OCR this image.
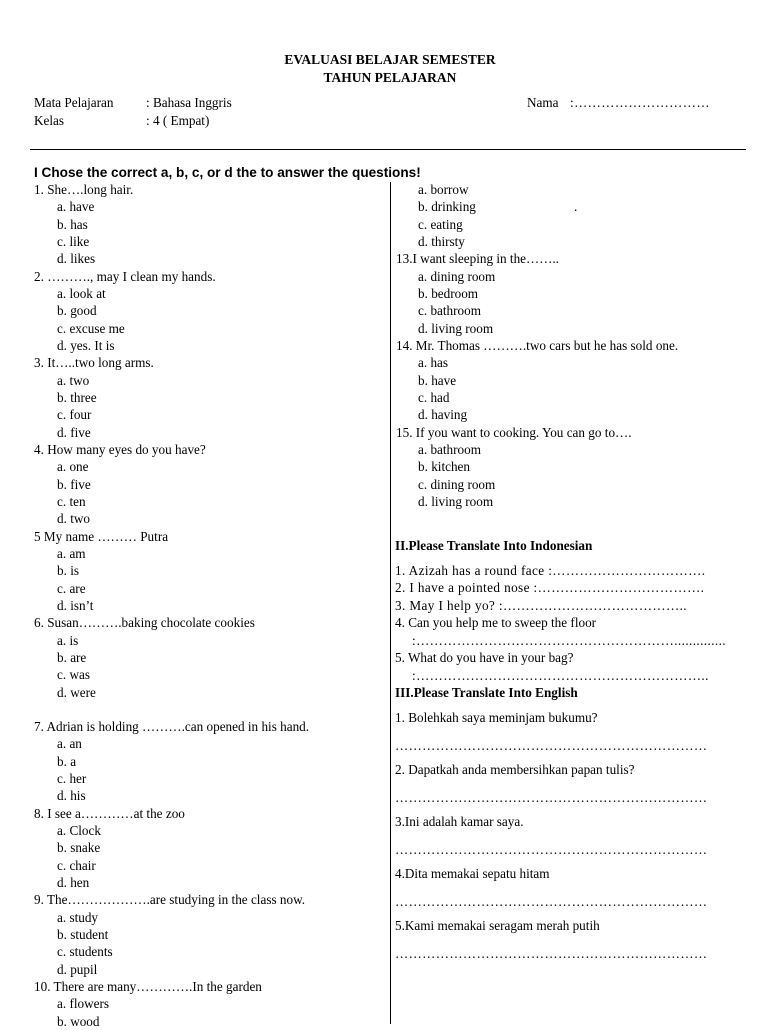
EVALUASI BELAJAR SEMESTER
TAHUN PELAJARAN
Mata Pelajaran : Bahasa Inggris
Kelas	: 4 ( Empat)
Nama :…………………………
I Chose the correct a, b, c, or d the to answer the questions!
1. She….long hair.
a. have
b. has
c. like
d. likes
2. ………., may I clean my hands.
a. look at
b. good
c. excuse me
d. yes. It is
3. It…..two long arms.
a. two
b. three
c. four
d. five
4. How many eyes do you have?
a. one
b. five
c. ten
d. two
5 My name ……… Putra
a. am
b. is
c. are
d. isn’t
6. Susan……….baking chocolate cookies
a. is
b. are
c. was
d. were
7. Adrian is holding ……….can opened in his hand.
a. an
b. a
c. her
d. his
8. I see a…………at the zoo
a. Clock
b. snake
c. chair
d. hen
9. The……………….are studying in the class now.
a. study
b. student
c. students
d. pupil
10. There are many………….In the garden
a. flowers
b. wood
a. borrow
b. drinking
c. eating
d. thirsty
13.I want sleeping in the……..
a. dining room
b. bedroom
c. bathroom
d. living room
14. Mr. Thomas ……….two cars but he has sold one.
a. has
b. have
c. had
d. having
15. If you want to cooking. You can go to….
a. bathroom
b. kitchen
c. dining room
d. living room
.
II.Please Translate Into Indonesian
1. Azizah has a round face :…………………………….
2. I have a pointed nose :……………………………….
3. May I help yo? :…………………………………..
4. Can you help me to sweep the floor
:…………………………………………………..............
5. What do you have in your bag?
:………………………………………………………..
III.Please Translate Into English
1. Bolehkah saya meminjam bukumu?
……………………………………………………………
2. Dapatkah anda membersihkan papan tulis?
……………………………………………………………
3.Ini adalah kamar saya.
……………………………………………………………
4.Dita memakai sepatu hitam
……………………………………………………………
5.Kami memakai seragam merah putih
……………………………………………………………
